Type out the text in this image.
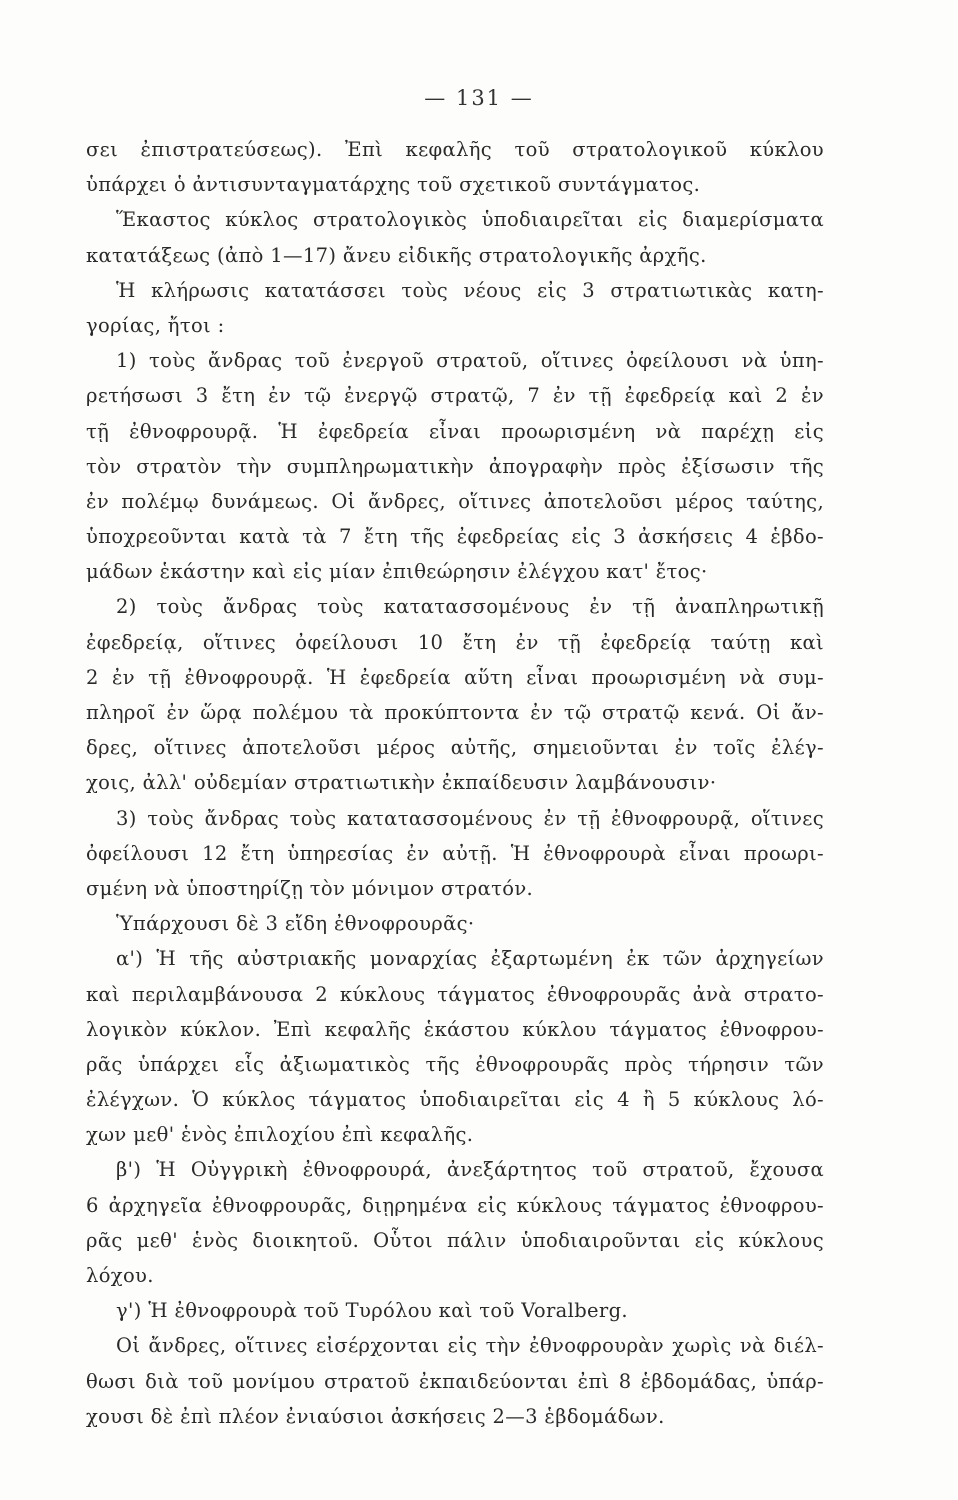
— 131 —
σει ἐπιστρατεύσεως). Ἐπὶ κεφαλῆς τοῦ στρατολογικοῦ κύκλου
ὑπάρχει ὁ ἀντισυνταγματάρχης τοῦ σχετικοῦ συντάγματος.
Ἕκαστος κύκλος στρατολογικὸς ὑποδιαιρεῖται εἰς διαμερίσματα
κατατάξεως (ἀπὸ 1—17) ἄνευ εἰδικῆς στρατολογικῆς ἀρχῆς.
Ἡ κλήρωσις κατατάσσει τοὺς νέους εἰς 3 στρατιωτικὰς κατη-
γορίας, ἤτοι :
1) τοὺς ἄνδρας τοῦ ἐνεργοῦ στρατοῦ, οἵτινες ὀφείλουσι νὰ ὑπη-
ρετήσωσι 3 ἔτη ἐν τῷ ἐνεργῷ στρατῷ, 7 ἐν τῇ ἐφεδρείᾳ καὶ 2 ἐν
τῇ ἐθνοφρουρᾷ. Ἡ ἐφεδρεία εἶναι προωρισμένη νὰ παρέχῃ εἰς
τὸν στρατὸν τὴν συμπληρωματικὴν ἀπογραφὴν πρὸς ἐξίσωσιν τῆς
ἐν πολέμῳ δυνάμεως. Οἱ ἄνδρες, οἵτινες ἀποτελοῦσι μέρος ταύτης,
ὑποχρεοῦνται κατὰ τὰ 7 ἔτη τῆς ἐφεδρείας εἰς 3 ἀσκήσεις 4 ἑβδο-
μάδων ἑκάστην καὶ εἰς μίαν ἐπιθεώρησιν ἐλέγχου κατ' ἔτος·
2) τοὺς ἄνδρας τοὺς κατατασσομένους ἐν τῇ ἀναπληρωτικῇ
ἐφεδρείᾳ, οἵτινες ὀφείλουσι 10 ἔτη ἐν τῇ ἐφεδρείᾳ ταύτῃ καὶ
2 ἐν τῇ ἐθνοφρουρᾷ. Ἡ ἐφεδρεία αὕτη εἶναι προωρισμένη νὰ συμ-
πληροῖ ἐν ὥρᾳ πολέμου τὰ προκύπτοντα ἐν τῷ στρατῷ κενά. Οἱ ἄν-
δρες, οἵτινες ἀποτελοῦσι μέρος αὐτῆς, σημειοῦνται ἐν τοῖς ἐλέγ-
χοις, ἀλλ' οὐδεμίαν στρατιωτικὴν ἐκπαίδευσιν λαμβάνουσιν·
3) τοὺς ἄνδρας τοὺς κατατασσομένους ἐν τῇ ἐθνοφρουρᾷ, οἵτινες
ὀφείλουσι 12 ἔτη ὑπηρεσίας ἐν αὐτῇ. Ἡ ἐθνοφρουρὰ εἶναι προωρι-
σμένη νὰ ὑποστηρίζῃ τὸν μόνιμον στρατόν.
Ὑπάρχουσι δὲ 3 εἴδη ἐθνοφρουρᾶς·
α') Ἡ τῆς αὐστριακῆς μοναρχίας ἐξαρτωμένη ἐκ τῶν ἀρχηγείων
καὶ περιλαμβάνουσα 2 κύκλους τάγματος ἐθνοφρουρᾶς ἀνὰ στρατο-
λογικὸν κύκλον. Ἐπὶ κεφαλῆς ἑκάστου κύκλου τάγματος ἐθνοφρου-
ρᾶς ὑπάρχει εἷς ἀξιωματικὸς τῆς ἐθνοφρουρᾶς πρὸς τήρησιν τῶν
ἐλέγχων. Ὁ κύκλος τάγματος ὑποδιαιρεῖται εἰς 4 ἢ 5 κύκλους λό-
χων μεθ' ἑνὸς ἐπιλοχίου ἐπὶ κεφαλῆς.
β') Ἡ Οὐγγρικὴ ἐθνοφρουρά, ἀνεξάρτητος τοῦ στρατοῦ, ἔχουσα
6 ἀρχηγεῖα ἐθνοφρουρᾶς, διῃρημένα εἰς κύκλους τάγματος ἐθνοφρου-
ρᾶς μεθ' ἑνὸς διοικητοῦ. Οὗτοι πάλιν ὑποδιαιροῦνται εἰς κύκλους
λόχου.
γ') Ἡ ἐθνοφρουρὰ τοῦ Τυρόλου καὶ τοῦ Voralberg.
Οἱ ἄνδρες, οἵτινες εἰσέρχονται εἰς τὴν ἐθνοφρουρὰν χωρὶς νὰ διέλ-
θωσι διὰ τοῦ μονίμου στρατοῦ ἐκπαιδεύονται ἐπὶ 8 ἑβδομάδας, ὑπάρ-
χουσι δὲ ἐπὶ πλέον ἐνιαύσιοι ἀσκήσεις 2—3 ἑβδομάδων.
